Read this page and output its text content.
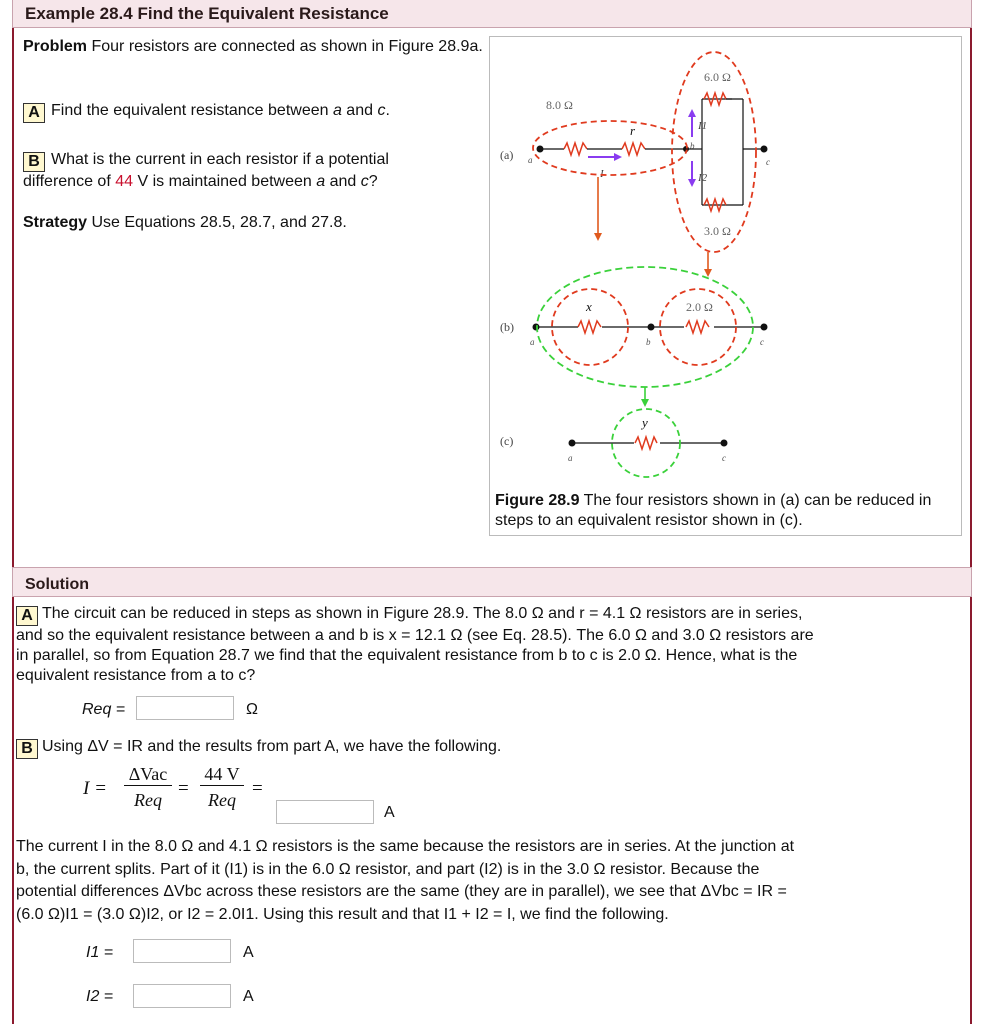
Example 28.4 Find the Equivalent Resistance
Problem Four resistors are connected as shown in Figure 28.9a.
A Find the equivalent resistance between a and c.
B What is the current in each resistor if a potential
difference of 44 V is maintained between a and c?
Strategy Use Equations 28.5, 28.7, and 27.8.
(a)
8.0 Ω
r
I
a
b
c
I1
I2
6.0 Ω
3.0 Ω
(b)
x	2.0 Ω
a	b	c
(c)
y
a	c
Figure 28.9 The four resistors shown in (a) can be reduced in steps to an equivalent resistor shown in (c).
Solution
A The circuit can be reduced in steps as shown in Figure 28.9. The 8.0 Ω and r = 4.1 Ω resistors are in series,
and so the equivalent resistance between a and b is x = 12.1 Ω (see Eq. 28.5). The 6.0 Ω and 3.0 Ω resistors are
in parallel, so from Equation 28.7 we find that the equivalent resistance from b to c is 2.0 Ω. Hence, what is the
equivalent resistance from a to c?
Req =	Ω
B Using ΔV = IR and the results from part A, we have the following.
I =
ΔVac
Req
=
44 V
Req
=
A
The current I in the 8.0 Ω and 4.1 Ω resistors is the same because the resistors are in series. At the junction at
b, the current splits. Part of it (I1) is in the 6.0 Ω resistor, and part (I2) is in the 3.0 Ω resistor. Because the
potential differences ΔVbc across these resistors are the same (they are in parallel), we see that ΔVbc = IR =
(6.0 Ω)I1 = (3.0 Ω)I2, or I2 = 2.0I1. Using this result and that I1 + I2 = I, we find the following.
I1 =	A
I2 =	A
